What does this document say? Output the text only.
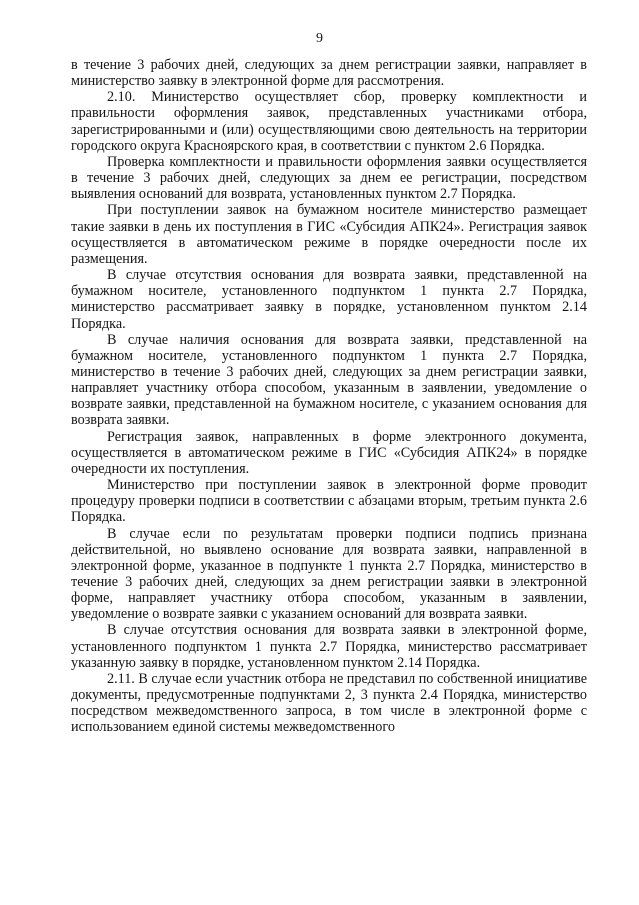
9

в течение 3 рабочих дней, следующих за днем регистрации заявки, направляет в министерство заявку в электронной форме для рассмотрения.

2.10. Министерство осуществляет сбор, проверку комплектности и правильности оформления заявок, представленных участниками отбора, зарегистрированными и (или) осуществляющими свою деятельность на территории городского округа Красноярского края, в соответствии с пунктом 2.6 Порядка.

Проверка комплектности и правильности оформления заявки осуществляется в течение 3 рабочих дней, следующих за днем ее регистрации, посредством выявления оснований для возврата, установленных пунктом 2.7 Порядка.

При поступлении заявок на бумажном носителе министерство размещает такие заявки в день их поступления в ГИС «Субсидия АПК24». Регистрация заявок осуществляется в автоматическом режиме в порядке очередности после их размещения.

В случае отсутствия основания для возврата заявки, представленной на бумажном носителе, установленного подпунктом 1 пункта 2.7 Порядка, министерство рассматривает заявку в порядке, установленном пунктом 2.14 Порядка.

В случае наличия основания для возврата заявки, представленной на бумажном носителе, установленного подпунктом 1 пункта 2.7 Порядка, министерство в течение 3 рабочих дней, следующих за днем регистрации заявки, направляет участнику отбора способом, указанным в заявлении, уведомление о возврате заявки, представленной на бумажном носителе, с указанием основания для возврата заявки.

Регистрация заявок, направленных в форме электронного документа, осуществляется в автоматическом режиме в ГИС «Субсидия АПК24» в порядке очередности их поступления.

Министерство при поступлении заявок в электронной форме проводит процедуру проверки подписи в соответствии с абзацами вторым, третьим пункта 2.6 Порядка.

В случае если по результатам проверки подписи подпись признана действительной, но выявлено основание для возврата заявки, направленной в электронной форме, указанное в подпункте 1 пункта 2.7 Порядка, министерство в течение 3 рабочих дней, следующих за днем регистрации заявки в электронной форме, направляет участнику отбора способом, указанным в заявлении, уведомление о возврате заявки с указанием оснований для возврата заявки.

В случае отсутствия основания для возврата заявки в электронной форме, установленного подпунктом 1 пункта 2.7 Порядка, министерство рассматривает указанную заявку в порядке, установленном пунктом 2.14 Порядка.

2.11. В случае если участник отбора не представил по собственной инициативе документы, предусмотренные подпунктами 2, 3 пункта 2.4 Порядка, министерство посредством межведомственного запроса, в том числе в электронной форме с использованием единой системы межведомственного
